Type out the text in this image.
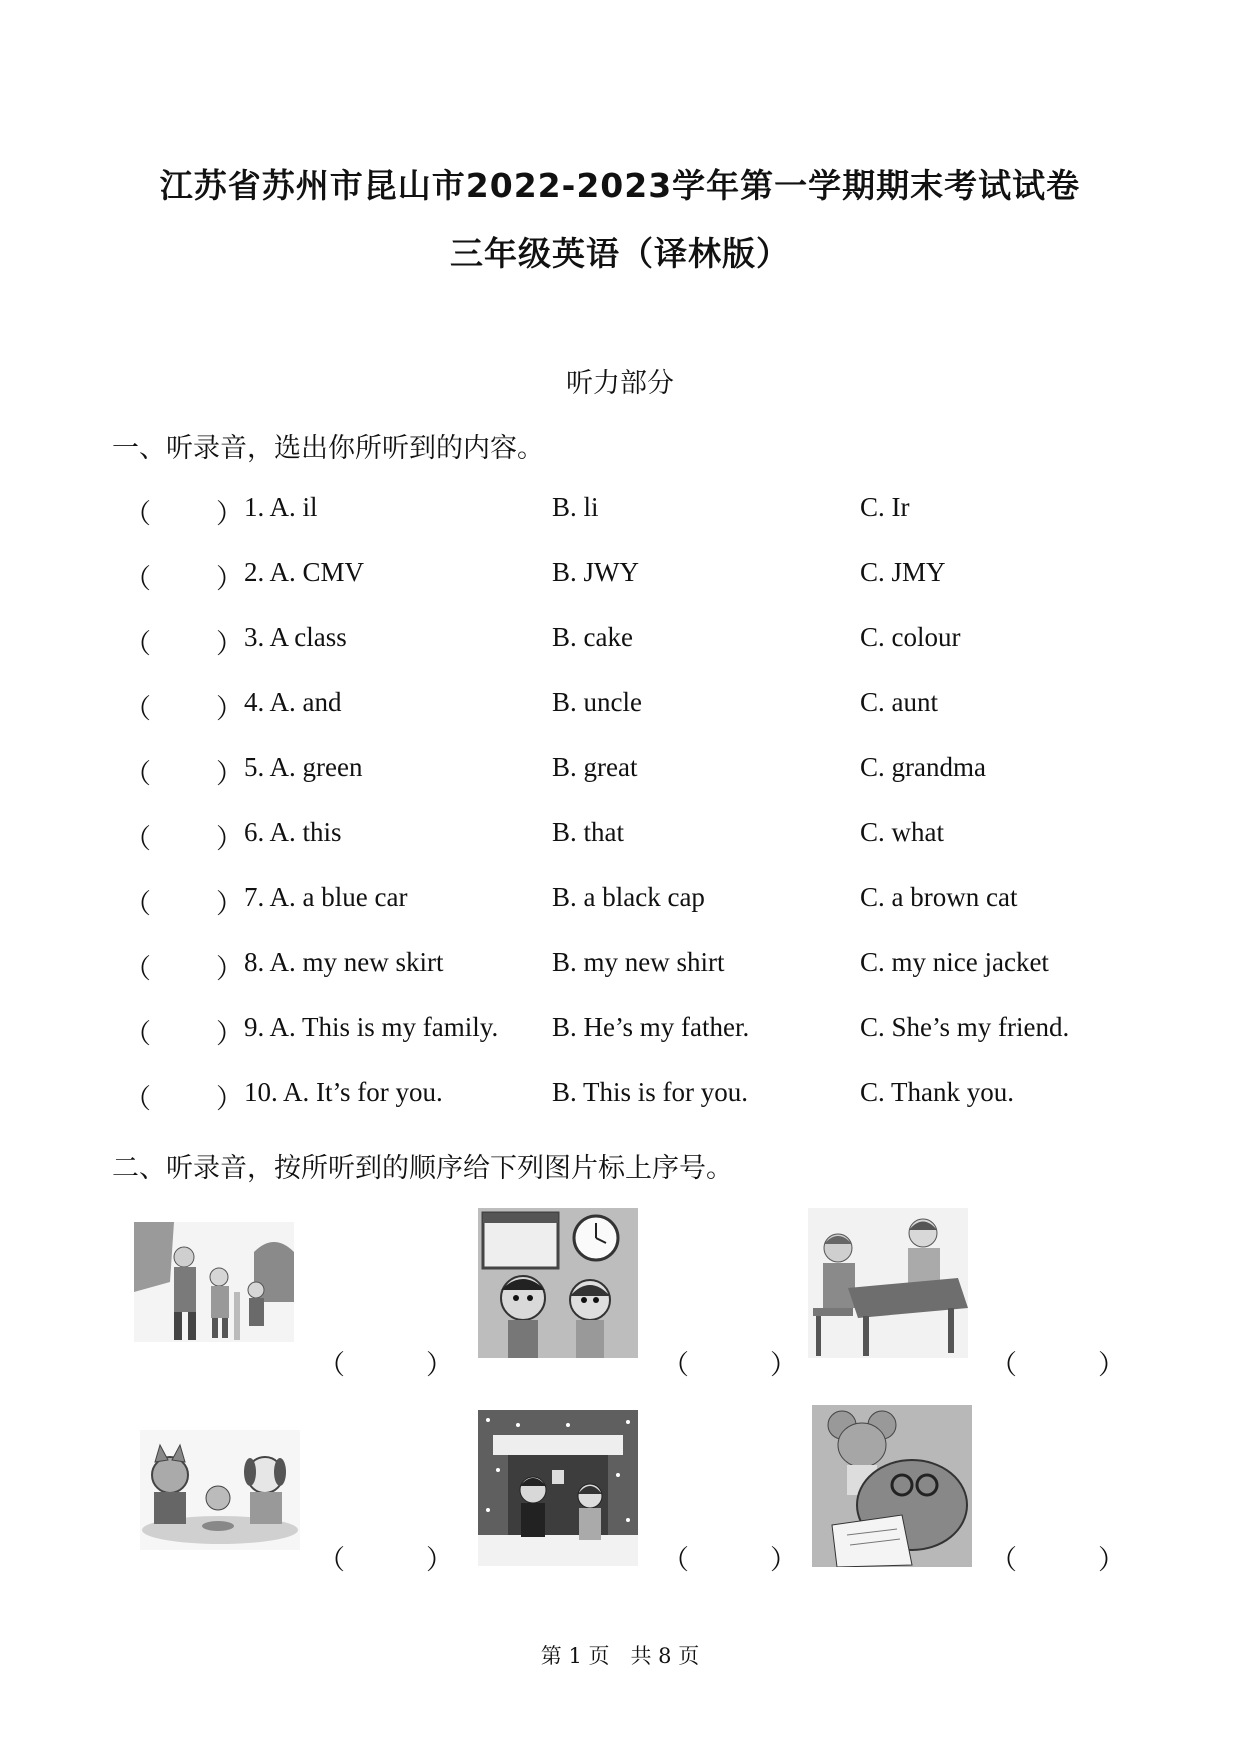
江苏省苏州市昆山市2022-2023学年第一学期期末考试试卷
三年级英语（译林版）
听力部分
一、听录音，选出你所听到的内容。
（ ） 1. A. il	B. li	C. Ir
（ ） 2. A. CMV	B. JWY	C. JMY
（ ） 3. A class	B. cake	C. colour
（ ） 4. A. and	B. uncle	C. aunt
（ ） 5. A. green	B. great	C. grandma
（ ） 6. A. this	B. that	C. what
（ ） 7. A. a blue car	B. a black cap	C. a brown cat
（ ） 8. A. my new skirt	B. my new shirt	C. my nice jacket
（ ） 9. A. This is my family. B. He’s my father.	C. She’s my friend.
（ ） 10. A. It’s for you.	B. This is for you.	C. Thank you.
二、听录音，按所听到的顺序给下列图片标上序号。
（　　　）	（　　　）	（　　　）
（　　　）	（　　　）	（　　　）
第 1 页　共 8 页
